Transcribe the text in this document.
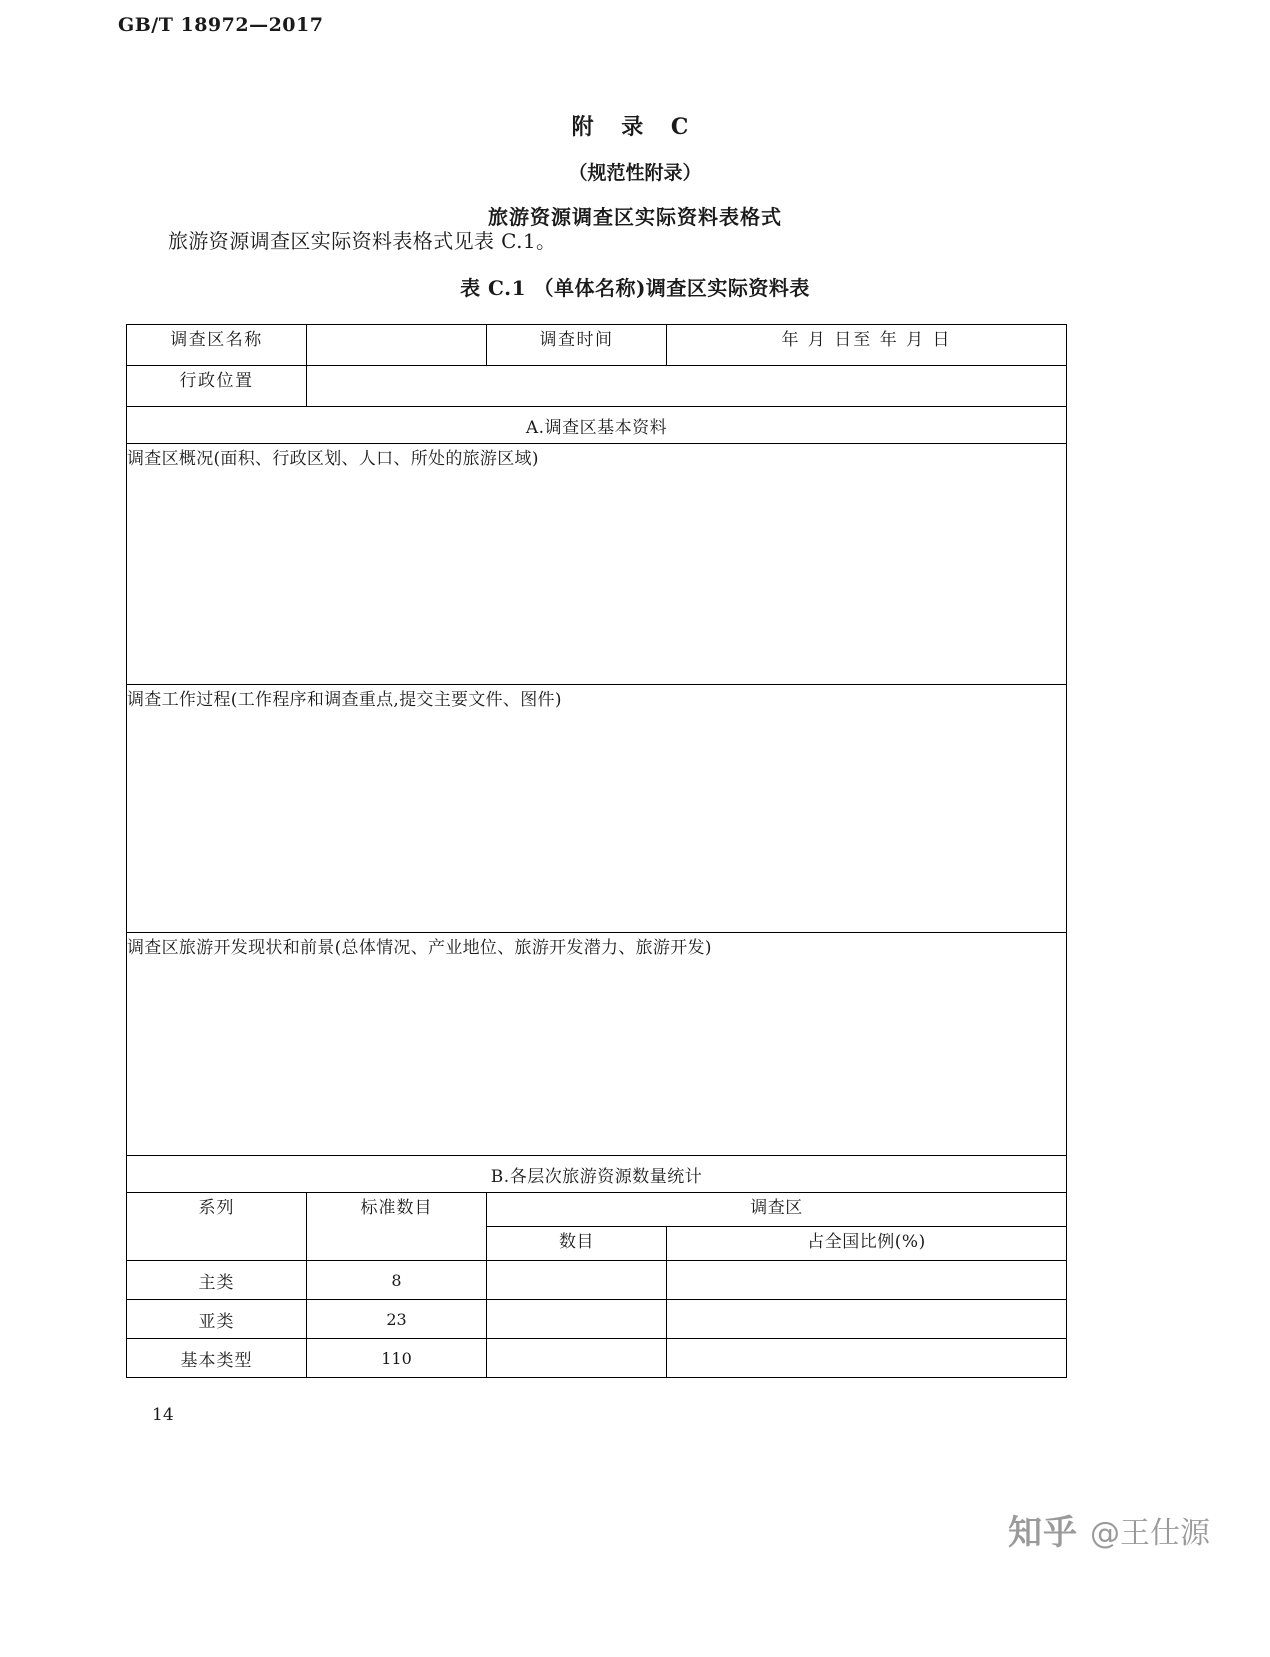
GB/T 18972—2017
附 录 C
（规范性附录）
旅游资源调查区实际资料表格式
旅游资源调查区实际资料表格式见表 C.1。
表 C.1 （单体名称)调查区实际资料表
调查区名称		调查时间	年 月 日至 年 月 日
行政位置			
A.调查区基本资料			
调查区概况(面积、行政区划、人口、所处的旅游区域)			
调查工作过程(工作程序和调查重点,提交主要文件、图件)			
调查区旅游开发现状和前景(总体情况、产业地位、旅游开发潜力、旅游开发)			
B.各层次旅游资源数量统计			
系列	标准数目	调查区	
		数目	占全国比例(%)
主类	8		
亚类	23		
基本类型	110		
14
知乎 @王仕源
